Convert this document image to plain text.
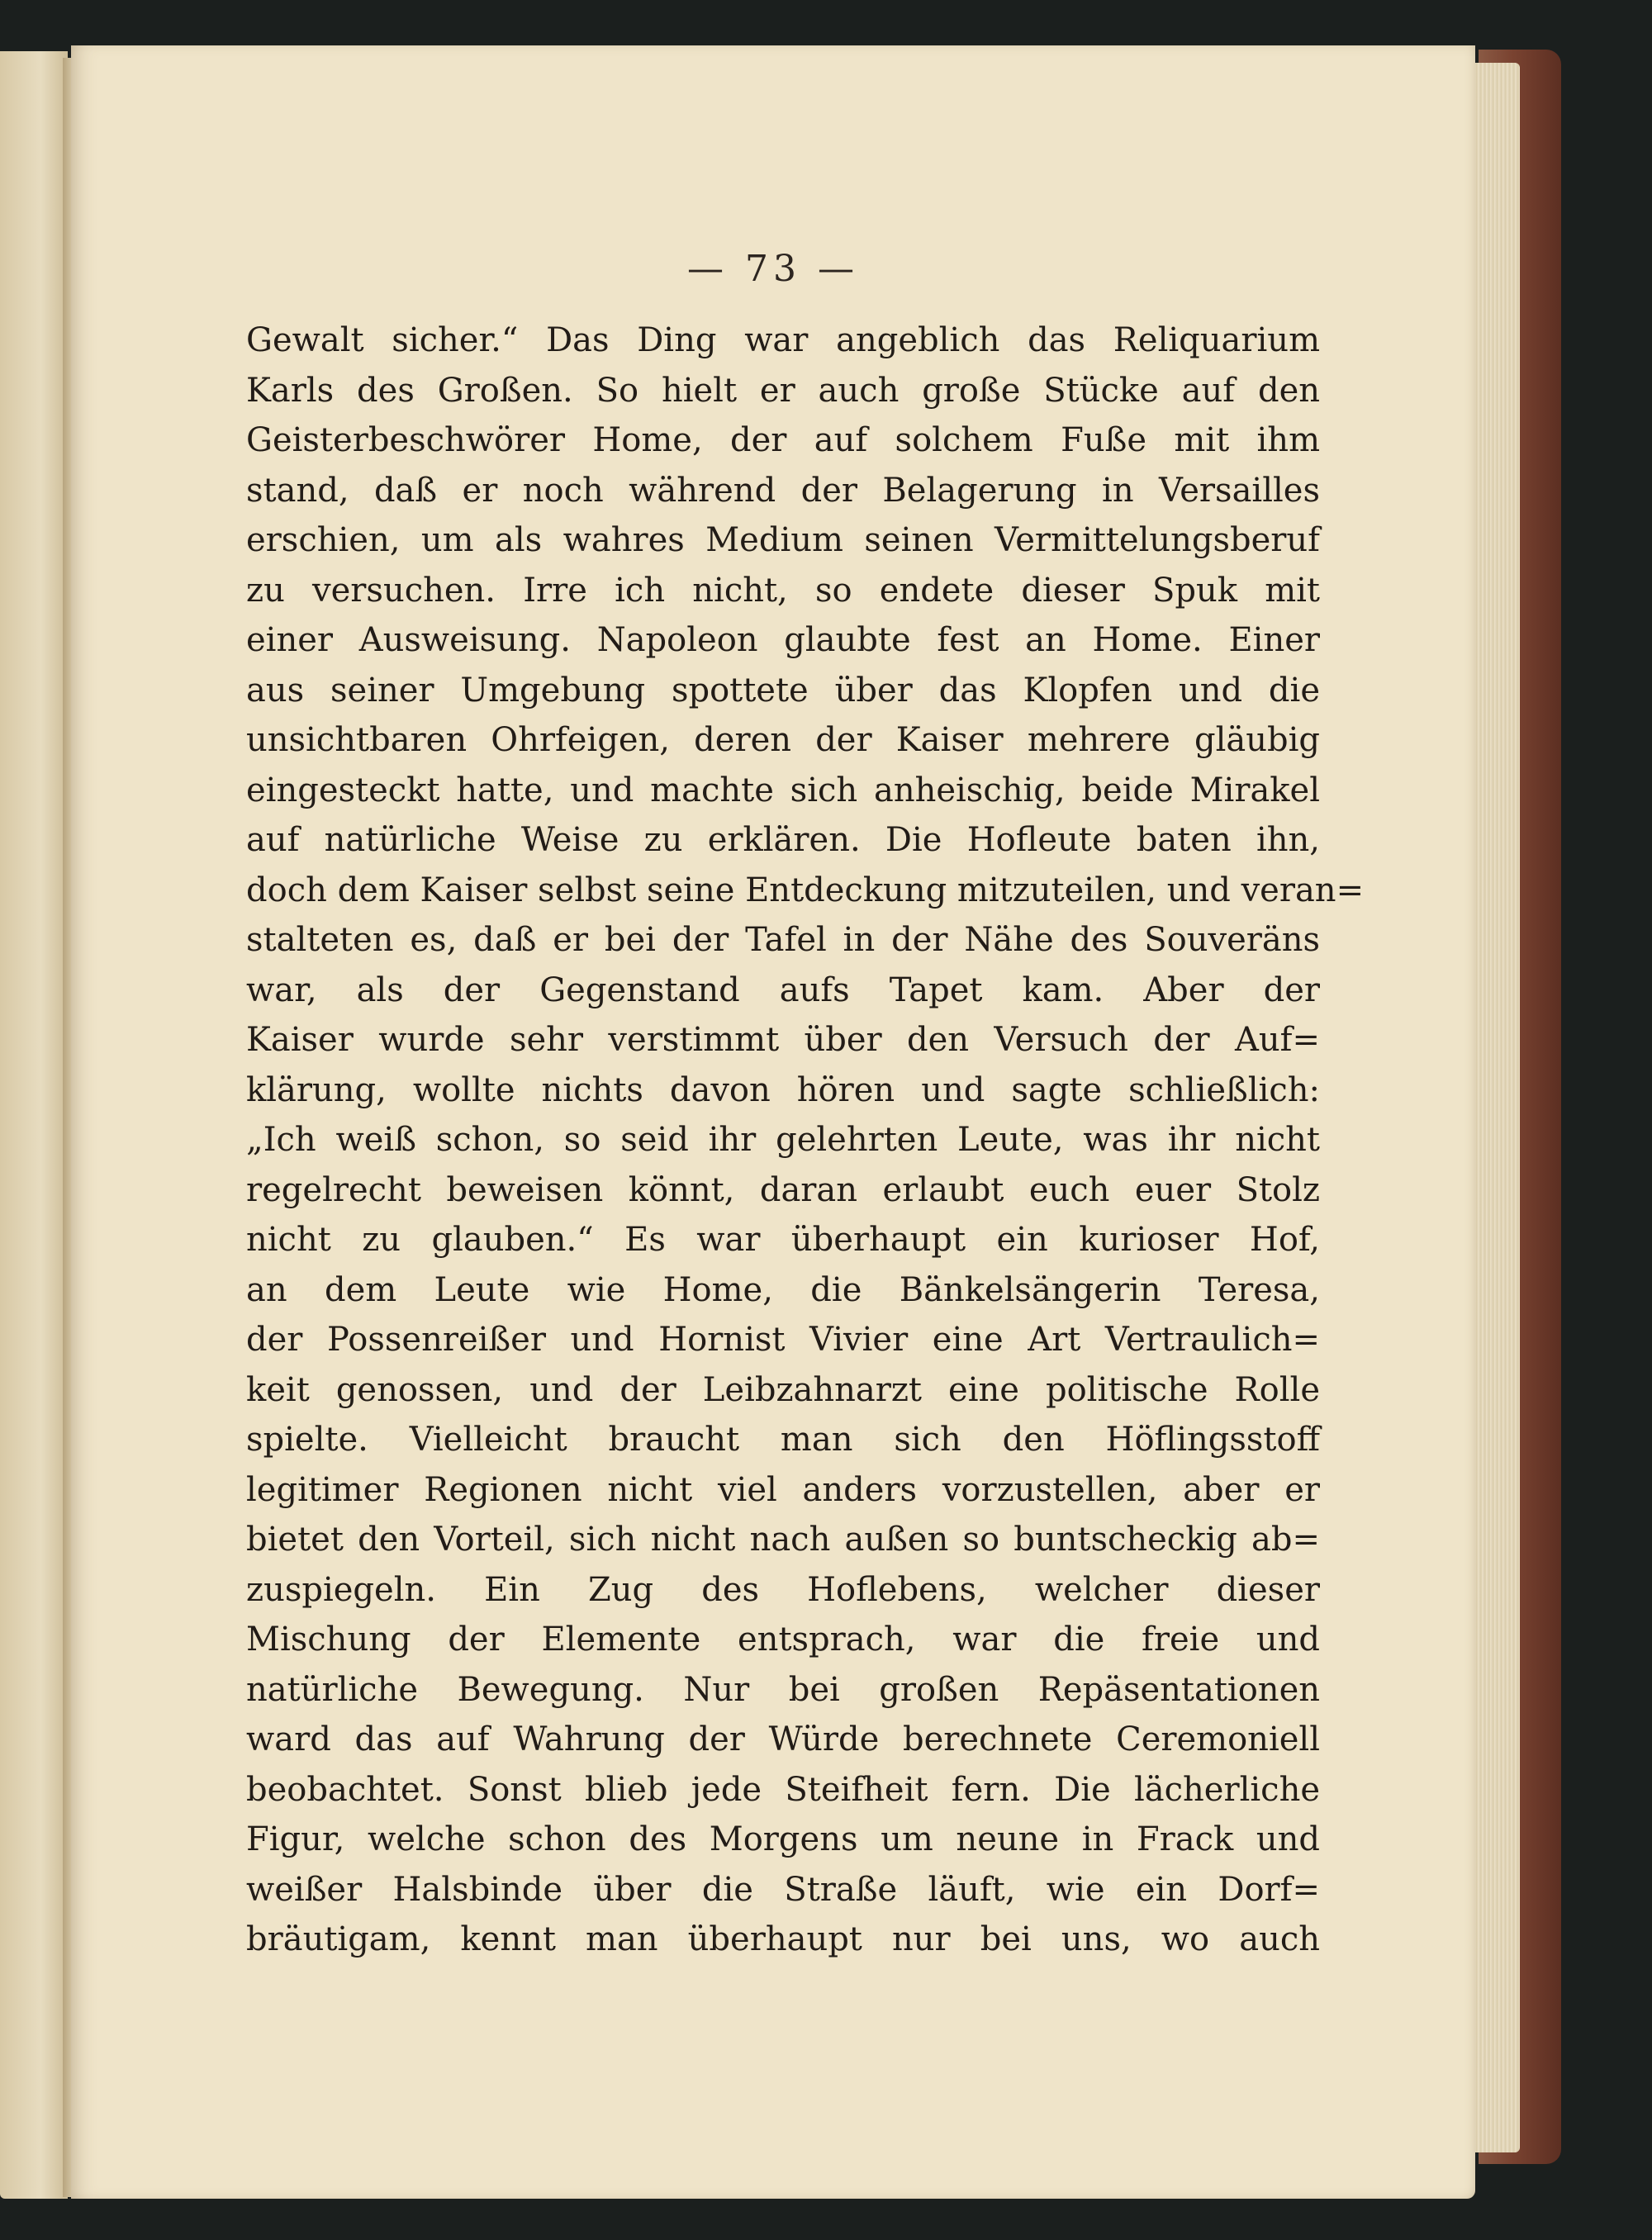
— 73 —
Gewalt sicher.“ Das Ding war angeblich das Reliquarium
Karls des Großen. So hielt er auch große Stücke auf den
Geisterbeschwörer Home, der auf solchem Fuße mit ihm
stand, daß er noch während der Belagerung in Versailles
erschien, um als wahres Medium seinen Vermittelungsberuf
zu versuchen. Irre ich nicht, so endete dieser Spuk mit
einer Ausweisung. Napoleon glaubte fest an Home. Einer
aus seiner Umgebung spottete über das Klopfen und die
unsichtbaren Ohrfeigen, deren der Kaiser mehrere gläubig
eingesteckt hatte, und machte sich anheischig, beide Mirakel
auf natürliche Weise zu erklären. Die Hofleute baten ihn,
doch dem Kaiser selbst seine Entdeckung mitzuteilen, und veran=
stalteten es, daß er bei der Tafel in der Nähe des Souveräns
war, als der Gegenstand aufs Tapet kam. Aber der
Kaiser wurde sehr verstimmt über den Versuch der Auf=
klärung, wollte nichts davon hören und sagte schließlich:
„Ich weiß schon, so seid ihr gelehrten Leute, was ihr nicht
regelrecht beweisen könnt, daran erlaubt euch euer Stolz
nicht zu glauben.“ Es war überhaupt ein kurioser Hof,
an dem Leute wie Home, die Bänkelsängerin Teresa,
der Possenreißer und Hornist Vivier eine Art Vertraulich=
keit genossen, und der Leibzahnarzt eine politische Rolle
spielte. Vielleicht braucht man sich den Höflingsstoff
legitimer Regionen nicht viel anders vorzustellen, aber er
bietet den Vorteil, sich nicht nach außen so buntscheckig ab=
zuspiegeln. Ein Zug des Hoflebens, welcher dieser
Mischung der Elemente entsprach, war die freie und
natürliche Bewegung. Nur bei großen Repäsentationen
ward das auf Wahrung der Würde berechnete Ceremoniell
beobachtet. Sonst blieb jede Steifheit fern. Die lächerliche
Figur, welche schon des Morgens um neune in Frack und
weißer Halsbinde über die Straße läuft, wie ein Dorf=
bräutigam, kennt man überhaupt nur bei uns, wo auch
